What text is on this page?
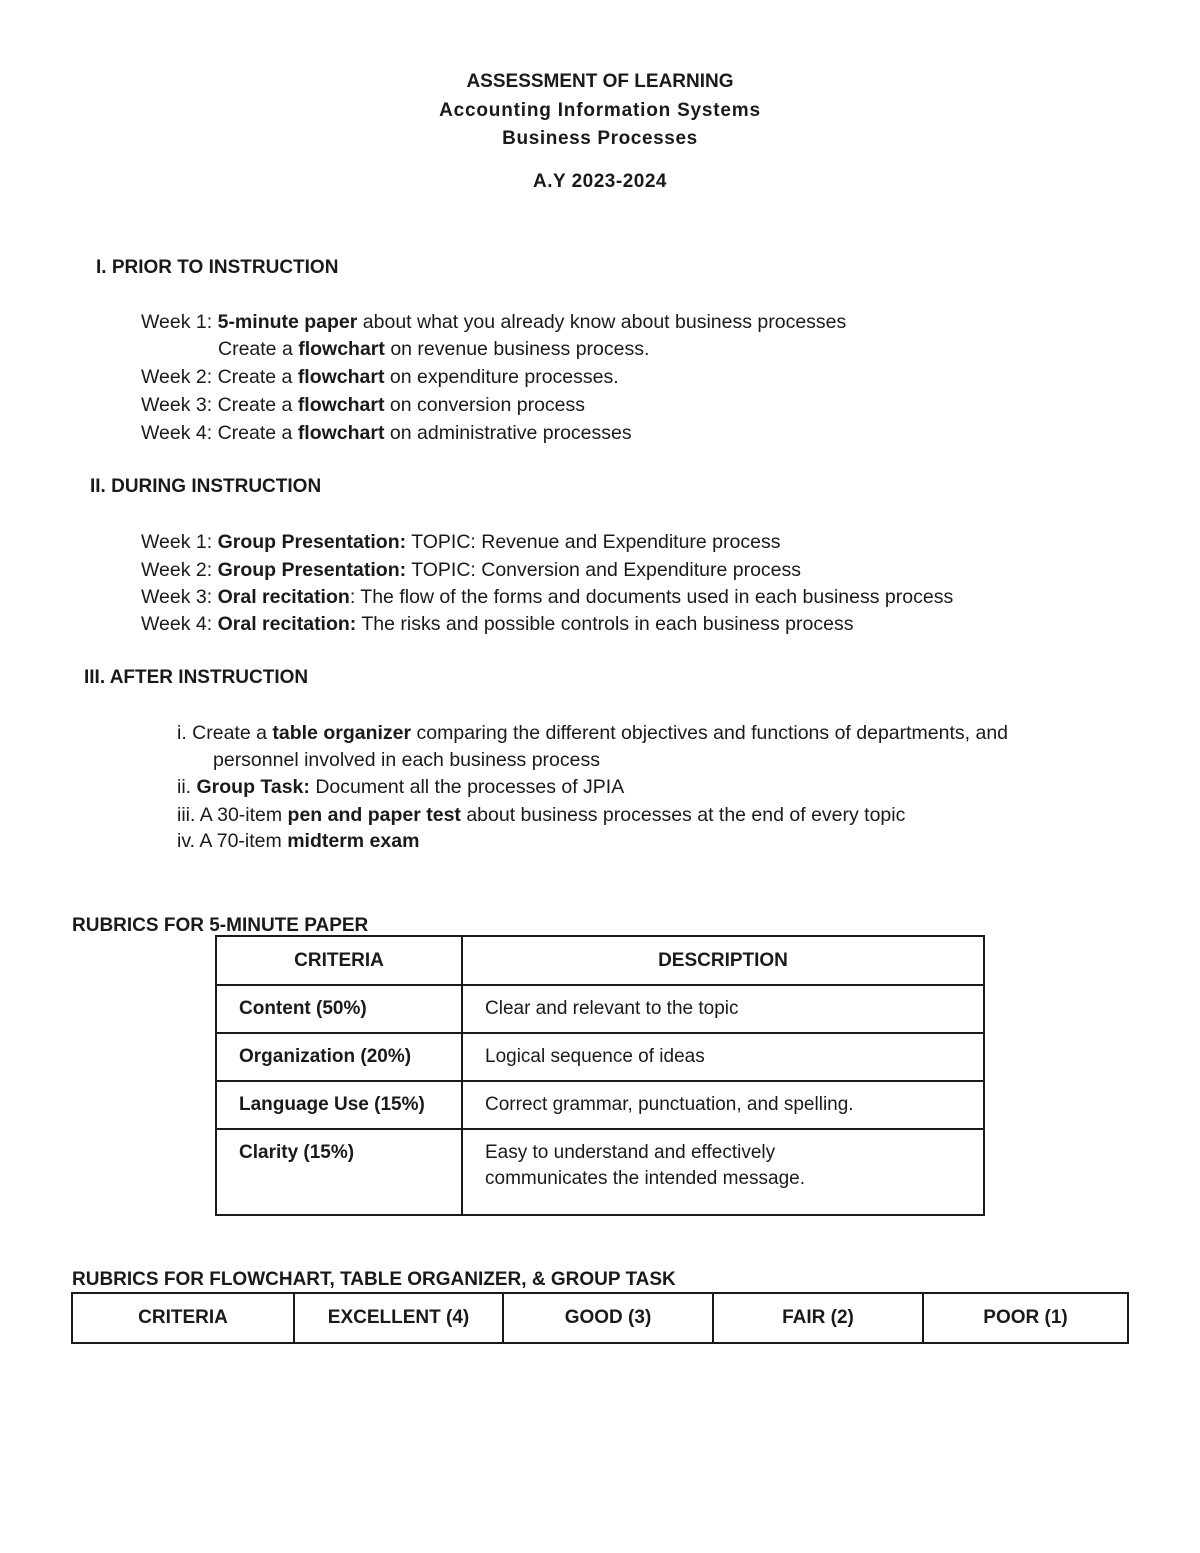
ASSESSMENT OF LEARNING
Accounting Information Systems
Business Processes
A.Y 2023-2024
I. PRIOR TO INSTRUCTION
Week 1: 5-minute paper about what you already know about business processes
Create a flowchart on revenue business process.
Week 2: Create a flowchart on expenditure processes.
Week 3: Create a flowchart on conversion process
Week 4: Create a flowchart on administrative processes
II. DURING INSTRUCTION
Week 1: Group Presentation: TOPIC: Revenue and Expenditure process
Week 2: Group Presentation: TOPIC: Conversion and Expenditure process
Week 3: Oral recitation: The flow of the forms and documents used in each business process
Week 4: Oral recitation: The risks and possible controls in each business process
III. AFTER INSTRUCTION
i. Create a table organizer comparing the different objectives and functions of departments, and
personnel involved in each business process
ii. Group Task: Document all the processes of JPIA
iii. A 30-item pen and paper test about business processes at the end of every topic
iv. A 70-item midterm exam
RUBRICS FOR 5-MINUTE PAPER
CRITERIA	DESCRIPTION
Content (50%)	Clear and relevant to the topic
Organization (20%)	Logical sequence of ideas
Language Use (15%)	Correct grammar, punctuation, and spelling.
Clarity (15%)	Easy to understand and effectively
communicates the intended message.
RUBRICS FOR FLOWCHART, TABLE ORGANIZER, & GROUP TASK
CRITERIA	EXCELLENT (4)	GOOD (3)	FAIR (2)	POOR (1)
